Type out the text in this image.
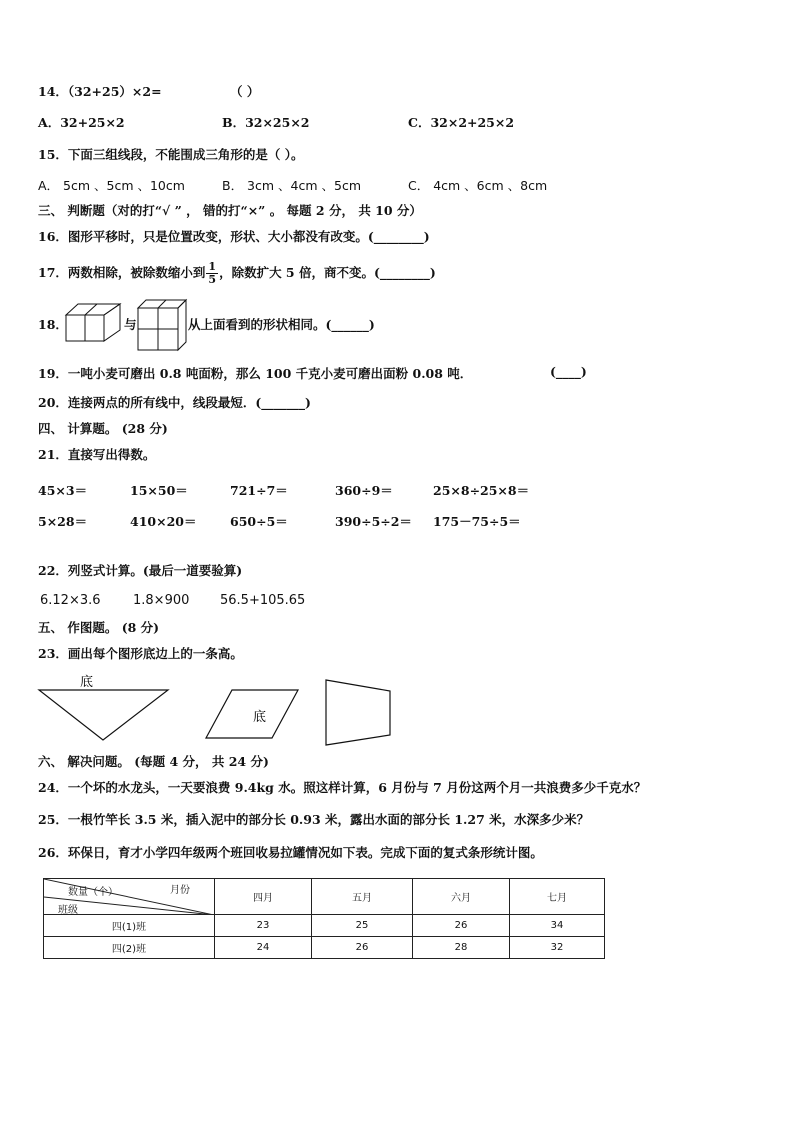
14．（32+25）×2=	（ ）
A．32+25×2	B．32×25×2	C．32×2+25×2
15．下面三组线段，不能围成三角形的是（ ）。
A． 5cm 、5cm 、10cm	B． 3cm 、4cm 、5cm	C． 4cm 、6cm 、8cm
三、 判断题（对的打“√ ” ， 错的打“×” 。 每题 2 分， 共 10 分）
16．图形平移时，只是位置改变，形状、大小都没有改变。(________)
17．两数相除，被除数缩小到 $\frac{1}{5}$ ，除数扩大 5 倍，商不变。(________)
18．	与	从上面看到的形状相同。(______)
19．一吨小麦可磨出 0.8 吨面粉，那么 100 千克小麦可磨出面粉 0.08 吨．	(____)
20．连接两点的所有线中，线段最短．(_______)
四、 计算题。 (28 分)
21．直接写出得数。
45×3＝	15×50＝	721÷7＝	360÷9＝	25×8÷25×8＝
5×28＝	410×20＝	650÷5＝	390÷5÷2＝ 175－75÷5＝
22．列竖式计算。(最后一道要验算)
6.12×3.6 1.8×900 56.5+105.65
五、 作图题。 (8 分)
23．画出每个图形底边上的一条高。
底
底
六、 解决问题。 (每题 4 分， 共 24 分)
24．一个坏的水龙头，一天要浪费 9.4kg 水。照这样计算，6 月份与 7 月份这两个月一共浪费多少千克水？
25．一根竹竿长 3.5 米，插入泥中的部分长 0.93 米，露出水面的部分长 1.27 米，水深多少米？
26．环保日，育才小学四年级两个班回收易拉罐情况如下表。完成下面的复式条形统计图。
月份
数量（个）
班级	四月	五月	六月	七月
四(1)班	23	25	26	34
四(2)班	24	26	28	32
